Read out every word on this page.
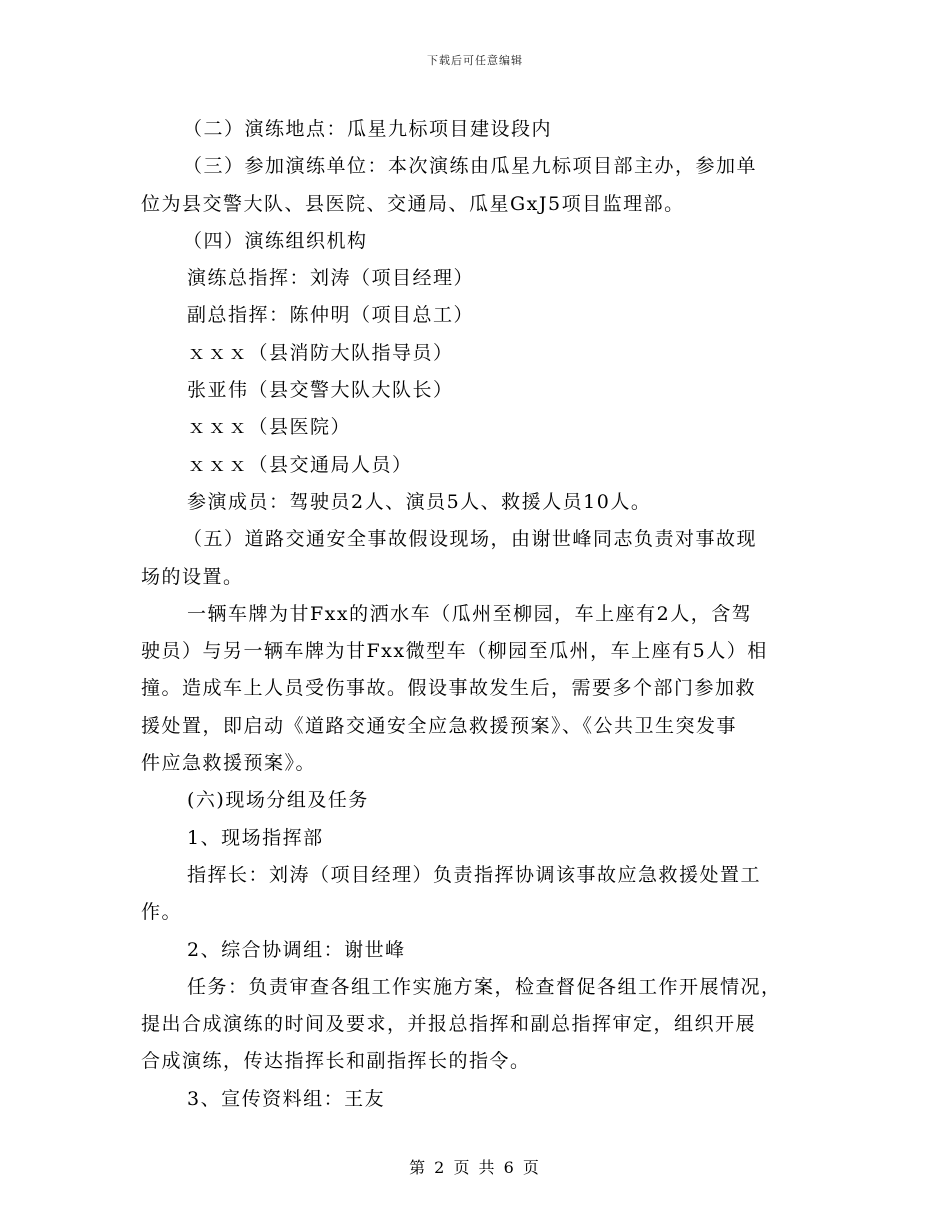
下载后可任意编辑
（二）演练地点：瓜星九标项目建设段内
（三）参加演练单位：本次演练由瓜星九标项目部主办，参加单
位为县交警大队、县医院、交通局、瓜星GxJ5项目监理部。
（四）演练组织机构
演练总指挥：刘涛（项目经理）
副总指挥：陈仲明（项目总工）
ｘｘｘ（县消防大队指导员）
张亚伟（县交警大队大队长）
ｘｘｘ（县医院）
ｘｘｘ（县交通局人员）
参演成员：驾驶员2人、演员5人、救援人员10人。
（五）道路交通安全事故假设现场，由谢世峰同志负责对事故现
场的设置。
一辆车牌为甘Fxx的洒水车（瓜州至柳园，车上座有2人，含驾
驶员）与另一辆车牌为甘Fxx微型车（柳园至瓜州，车上座有5人）相
撞。造成车上人员受伤事故。假设事故发生后，需要多个部门参加救
援处置，即启动《道路交通安全应急救援预案》、《公共卫生突发事
件应急救援预案》。
(六)现场分组及任务
1、现场指挥部
指挥长：刘涛（项目经理）负责指挥协调该事故应急救援处置工
作。
2、综合协调组：谢世峰
任务：负责审查各组工作实施方案，检查督促各组工作开展情况，
提出合成演练的时间及要求，并报总指挥和副总指挥审定，组织开展
合成演练，传达指挥长和副指挥长的指令。
3、宣传资料组：王友
第 2 页 共 6 页
